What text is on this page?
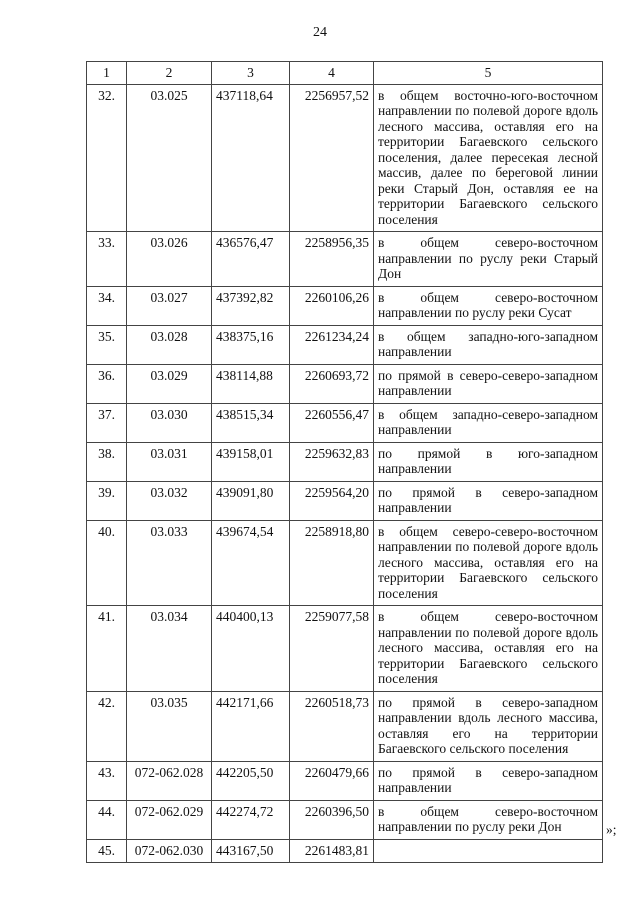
24
1	2	3	4	5
32.	03.025	437118,64	2256957,52	в общем восточно-юго-восточном направлении по полевой дороге вдоль лесного массива, оставляя его на территории Багаевского сельского поселения, далее пересекая лесной массив, далее по береговой линии реки Старый Дон, оставляя ее на территории Багаевского сельского поселения
33.	03.026	436576,47	2258956,35	в общем северо-восточном направлении по руслу реки Старый Дон
34.	03.027	437392,82	2260106,26	в общем северо-восточном направлении по руслу реки Сусат
35.	03.028	438375,16	2261234,24	в общем западно-юго-западном направлении
36.	03.029	438114,88	2260693,72	по прямой в северо-северо-западном направлении
37.	03.030	438515,34	2260556,47	в общем западно-северо-западном направлении
38.	03.031	439158,01	2259632,83	по прямой в юго-западном направлении
39.	03.032	439091,80	2259564,20	по прямой в северо-западном направлении
40.	03.033	439674,54	2258918,80	в общем северо-северо-восточном направлении по полевой дороге вдоль лесного массива, оставляя его на территории Багаевского сельского поселения
41.	03.034	440400,13	2259077,58	в общем северо-восточном направлении по полевой дороге вдоль лесного массива, оставляя его на территории Багаевского сельского поселения
42.	03.035	442171,66	2260518,73	по прямой в северо-западном направлении вдоль лесного массива, оставляя его на территории Багаевского сельского поселения
43.	072-062.028	442205,50	2260479,66	по прямой в северо-западном направлении
44.	072-062.029	442274,72	2260396,50	в общем северо-восточном направлении по руслу реки Дон
45.	072-062.030	443167,50	2261483,81	
»;
